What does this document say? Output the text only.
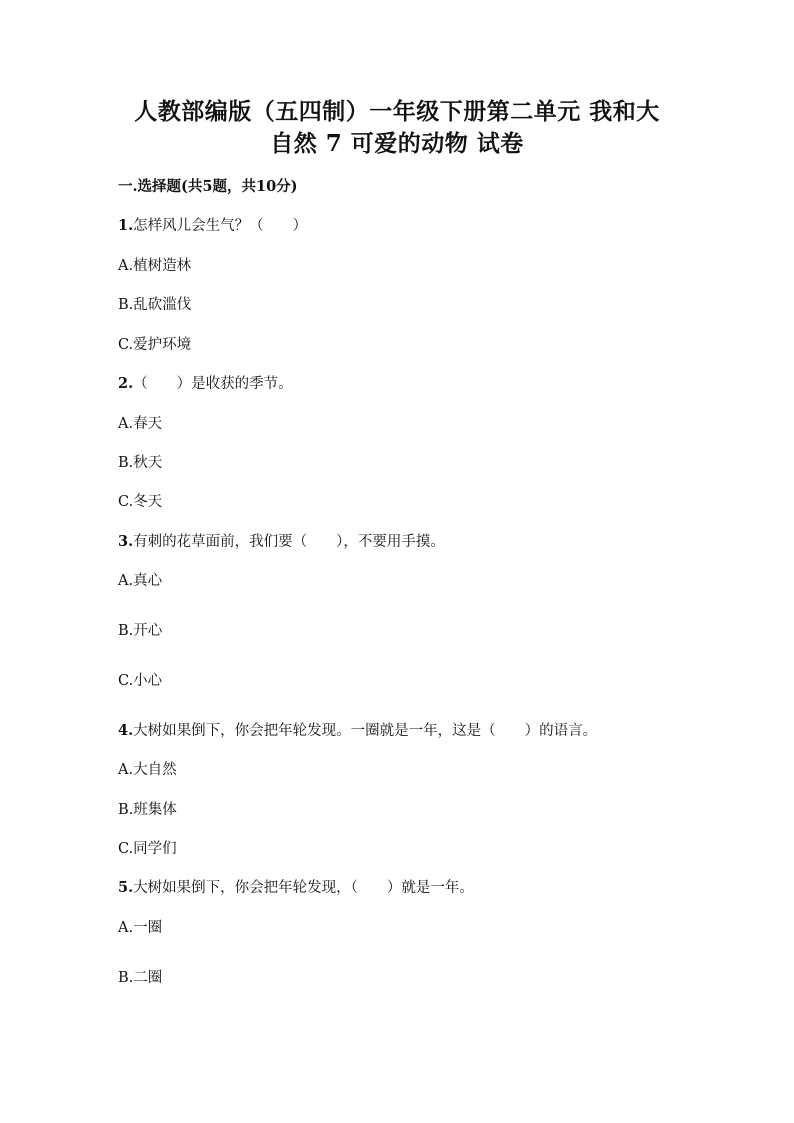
人教部编版（五四制）一年级下册第二单元 我和大
自然 7 可爱的动物 试卷
一.选择题(共5题，共10分)
1.怎样风儿会生气？（　　）
A.植树造林
B.乱砍滥伐
C.爱护环境
2.（　　）是收获的季节。
A.春天
B.秋天
C.冬天
3.有刺的花草面前，我们要（　　），不要用手摸。
A.真心
B.开心
C.小心
4.大树如果倒下，你会把年轮发现。一圈就是一年，这是（　　）的语言。
A.大自然
B.班集体
C.同学们
5.大树如果倒下，你会把年轮发现，（　　）就是一年。
A.一圈
B.二圈
